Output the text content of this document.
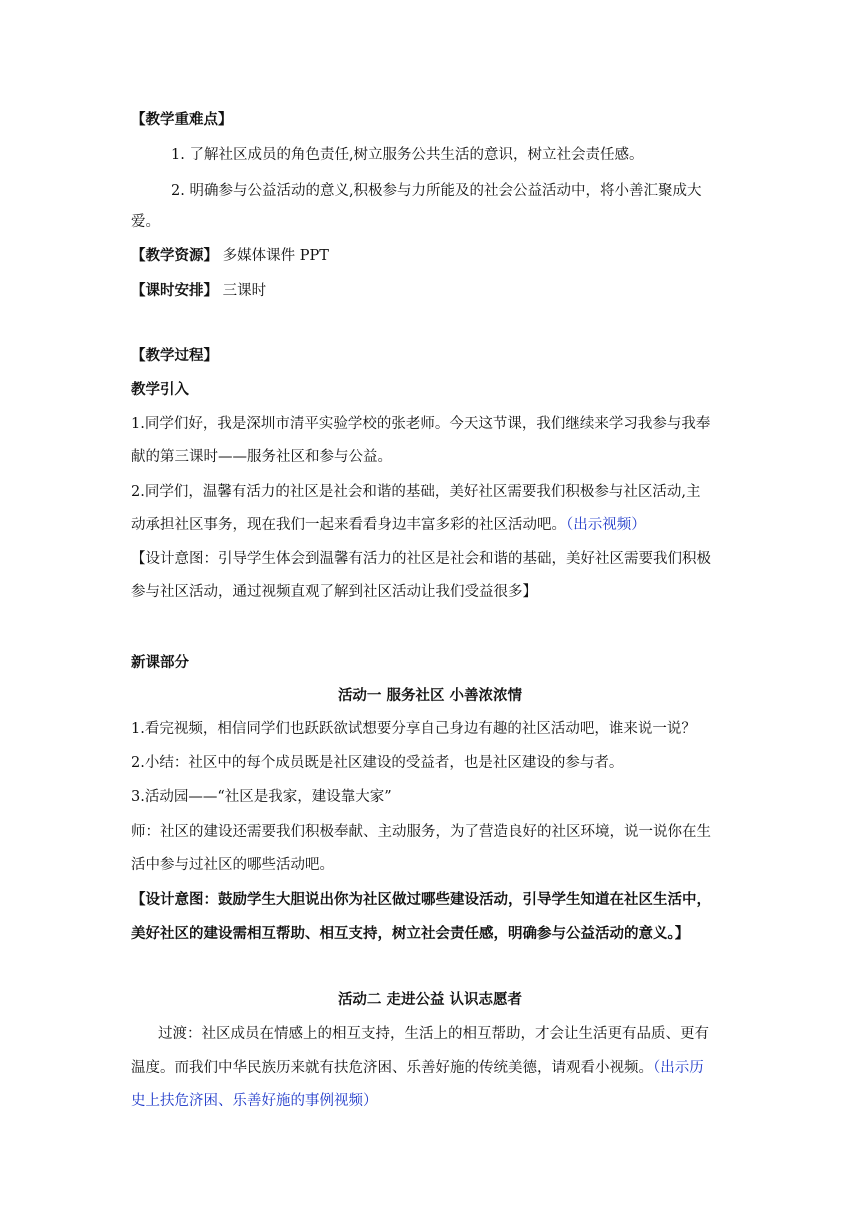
【教学重难点】

1. 了解社区成员的角色责任,树立服务公共生活的意识，树立社会责任感。

2. 明确参与公益活动的意义,积极参与力所能及的社会公益活动中，将小善汇聚成大

爱。

【教学资源】 多媒体课件 PPT

【课时安排】 三课时

【教学过程】

教学引入

1.同学们好，我是深圳市清平实验学校的张老师。今天这节课，我们继续来学习我参与我奉

献的第三课时——服务社区和参与公益。

2.同学们，温馨有活力的社区是社会和谐的基础，美好社区需要我们积极参与社区活动,主

动承担社区事务，现在我们一起来看看身边丰富多彩的社区活动吧。（出示视频）

【设计意图：引导学生体会到温馨有活力的社区是社会和谐的基础，美好社区需要我们积极

参与社区活动，通过视频直观了解到社区活动让我们受益很多】

新课部分

活动一 服务社区 小善浓浓情

1.看完视频，相信同学们也跃跃欲试想要分享自己身边有趣的社区活动吧，谁来说一说？

2.小结：社区中的每个成员既是社区建设的受益者，也是社区建设的参与者。

3.活动园——“社区是我家，建设靠大家”

师：社区的建设还需要我们积极奉献、主动服务，为了营造良好的社区环境，说一说你在生

活中参与过社区的哪些活动吧。

【设计意图：鼓励学生大胆说出你为社区做过哪些建设活动，引导学生知道在社区生活中，

美好社区的建设需相互帮助、相互支持，树立社会责任感，明确参与公益活动的意义。】

活动二 走进公益 认识志愿者

过渡：社区成员在情感上的相互支持，生活上的相互帮助，才会让生活更有品质、更有

温度。而我们中华民族历来就有扶危济困、乐善好施的传统美德，请观看小视频。（出示历

史上扶危济困、乐善好施的事例视频）
